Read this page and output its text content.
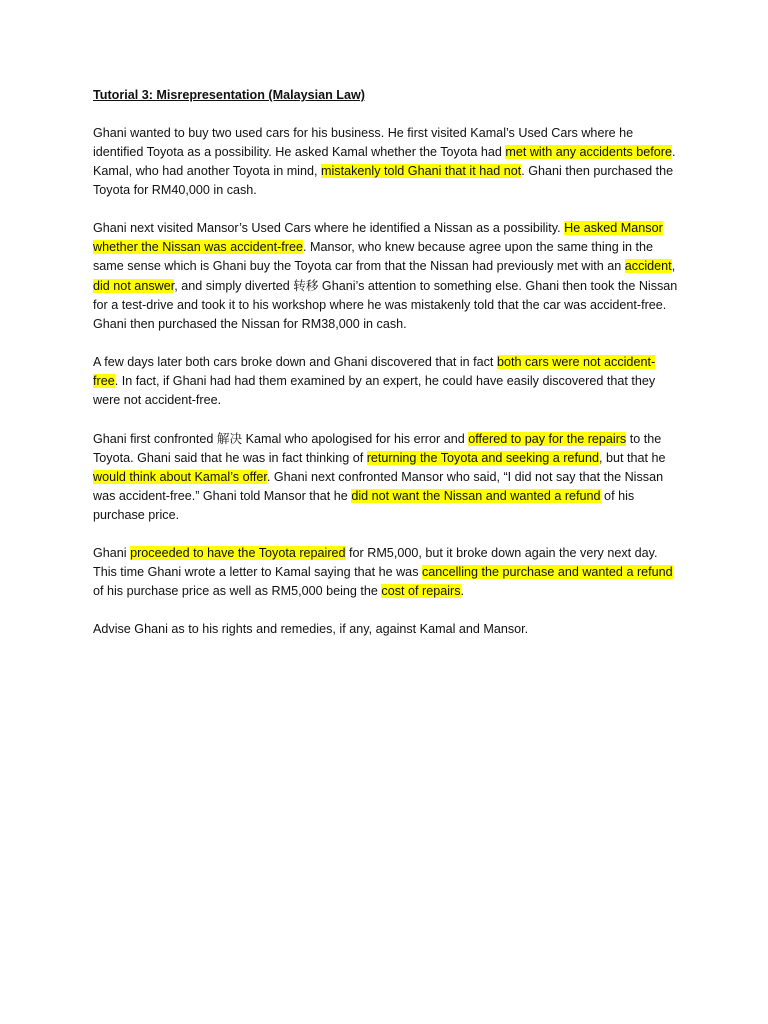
Tutorial 3: Misrepresentation (Malaysian Law)
Ghani wanted to buy two used cars for his business. He first visited Kamal’s Used Cars where he identified Toyota as a possibility. He asked Kamal whether the Toyota had met with any accidents before. Kamal, who had another Toyota in mind, mistakenly told Ghani that it had not. Ghani then purchased the Toyota for RM40,000 in cash.
Ghani next visited Mansor’s Used Cars where he identified a Nissan as a possibility. He asked Mansor whether the Nissan was accident-free. Mansor, who knew because agree upon the same thing in the same sense which is Ghani buy the Toyota car from that the Nissan had previously met with an accident, did not answer, and simply diverted 转移 Ghani’s attention to something else. Ghani then took the Nissan for a test-drive and took it to his workshop where he was mistakenly told that the car was accident-free. Ghani then purchased the Nissan for RM38,000 in cash.
A few days later both cars broke down and Ghani discovered that in fact both cars were not accident-free. In fact, if Ghani had had them examined by an expert, he could have easily discovered that they were not accident-free.
Ghani first confronted 解决 Kamal who apologised for his error and offered to pay for the repairs to the Toyota. Ghani said that he was in fact thinking of returning the Toyota and seeking a refund, but that he would think about Kamal’s offer. Ghani next confronted Mansor who said, “I did not say that the Nissan was accident-free.” Ghani told Mansor that he did not want the Nissan and wanted a refund of his purchase price.
Ghani proceeded to have the Toyota repaired for RM5,000, but it broke down again the very next day. This time Ghani wrote a letter to Kamal saying that he was cancelling the purchase and wanted a refund of his purchase price as well as RM5,000 being the cost of repairs.
Advise Ghani as to his rights and remedies, if any, against Kamal and Mansor.
